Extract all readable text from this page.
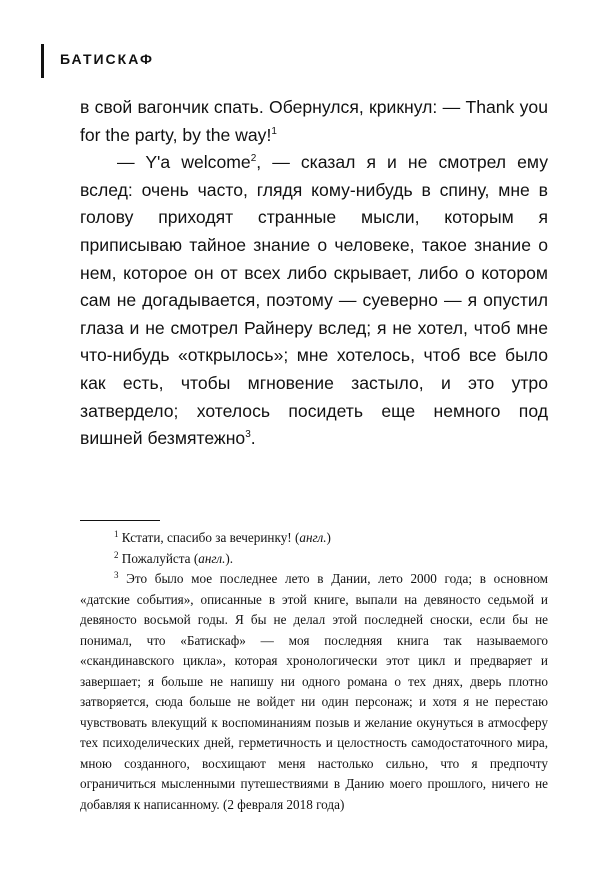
БАТИСКАФ

в свой вагончик спать. Обернулся, крикнул: — Thank you for the party, by the way!$^1$

— Y'a welcome$^2$, — сказал я и не смотрел ему вслед: очень часто, глядя кому-нибудь в спину, мне в голову приходят странные мысли, которым я приписываю тайное знание о человеке, такое знание о нем, которое он от всех либо скрывает, либо о котором сам не догадывается, поэтому — суеверно — я опустил глаза и не смотрел Райнеру вслед; я не хотел, чтоб мне что-нибудь «открылось»; мне хотелось, чтоб все было как есть, чтобы мгновение застыло, и это утро затвердело; хотелось посидеть еще немного под вишней безмятежно$^3$.

$^1$ Кстати, спасибо за вечеринку! (англ.)

$^2$ Пожалуйста (англ.).

$^3$ Это было мое последнее лето в Дании, лето 2000 года; в основном «датские события», описанные в этой книге, выпали на девяносто седьмой и девяносто восьмой годы. Я бы не делал этой последней сноски, если бы не понимал, что «Батискаф» — моя последняя книга так называемого «скандинавского цикла», которая хронологически этот цикл и предваряет и завершает; я больше не напишу ни одного романа о тех днях, дверь плотно затворяется, сюда больше не войдет ни один персонаж; и хотя я не перестаю чувствовать влекущий к воспоминаниям позыв и желание окунуться в атмосферу тех психоделических дней, герметичность и целостность самодостаточного мира, мною созданного, восхищают меня настолько сильно, что я предпочту ограничиться мысленными путешествиями в Данию моего прошлого, ничего не добавляя к написанному. (2 февраля 2018 года)
